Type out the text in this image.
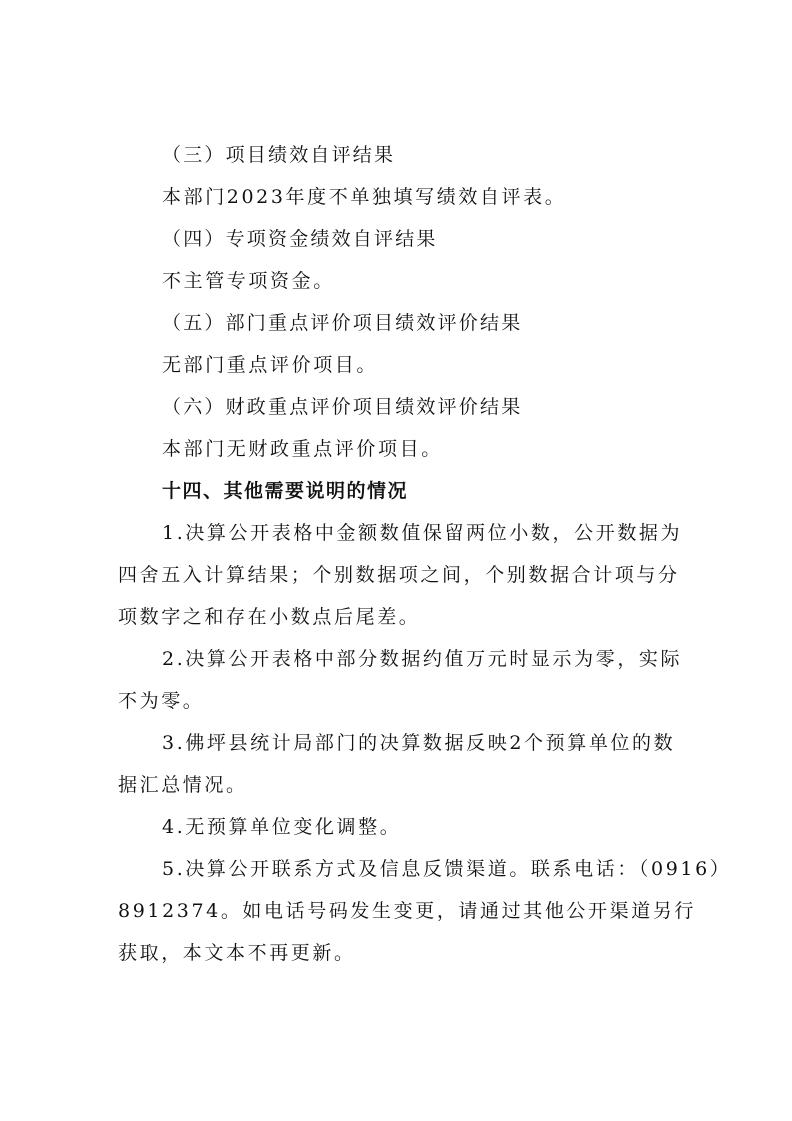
（三）项目绩效自评结果
本部门2023年度不单独填写绩效自评表。
（四）专项资金绩效自评结果
不主管专项资金。
（五）部门重点评价项目绩效评价结果
无部门重点评价项目。
（六）财政重点评价项目绩效评价结果
本部门无财政重点评价项目。
十四、其他需要说明的情况
1.决算公开表格中金额数值保留两位小数，公开数据为
四舍五入计算结果；个别数据项之间，个别数据合计项与分
项数字之和存在小数点后尾差。
2.决算公开表格中部分数据约值万元时显示为零，实际
不为零。
3.佛坪县统计局部门的决算数据反映2个预算单位的数
据汇总情况。
4.无预算单位变化调整。
5.决算公开联系方式及信息反馈渠道。联系电话：（0916）
8912374。如电话号码发生变更，请通过其他公开渠道另行
获取，本文本不再更新。
